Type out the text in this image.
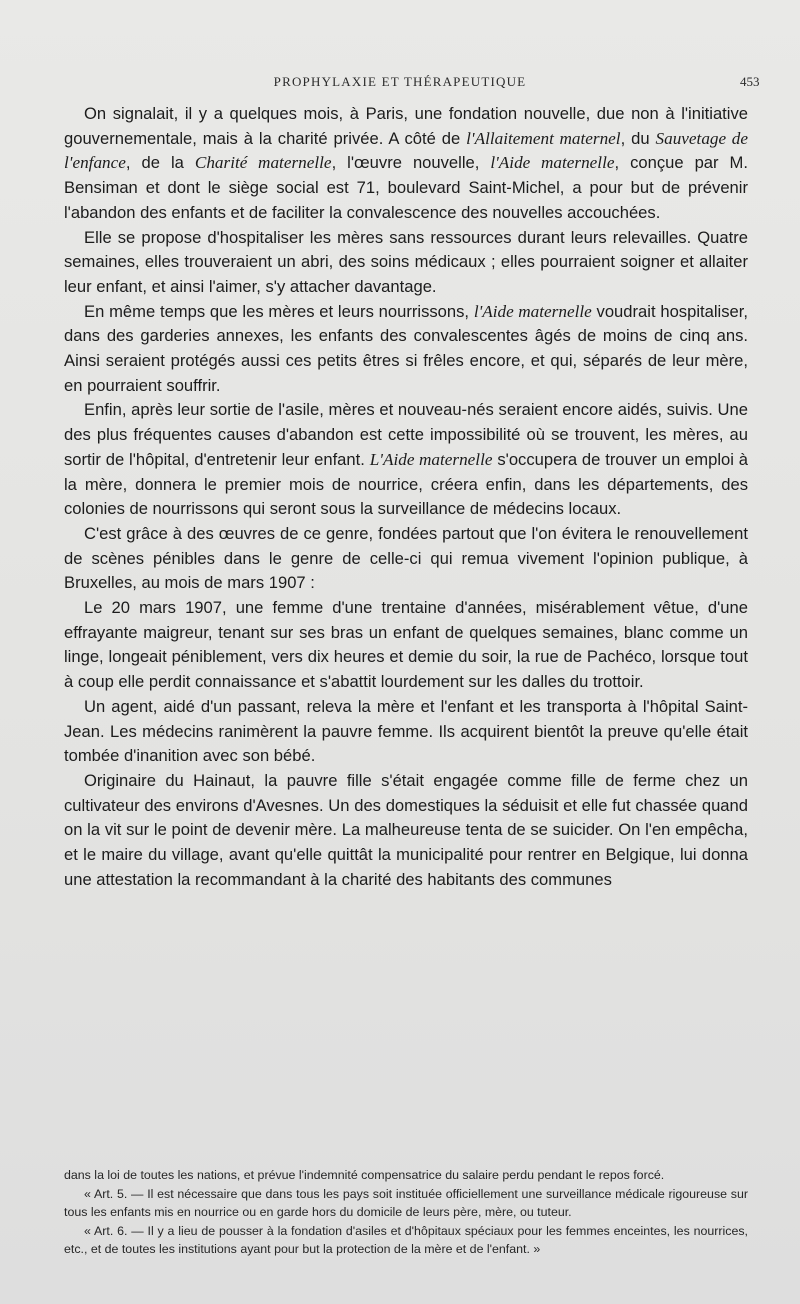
PROPHYLAXIE ET THÉRAPEUTIQUE	453

On signalait, il y a quelques mois, à Paris, une fondation nouvelle, due non à l'initiative gouvernementale, mais à la charité privée. A côté de l'Allaitement maternel, du Sauvetage de l'enfance, de la Charité maternelle, l'œuvre nouvelle, l'Aide maternelle, conçue par M. Bensiman et dont le siège social est 71, boulevard Saint-Michel, a pour but de prévenir l'abandon des enfants et de faciliter la convalescence des nouvelles accouchées.

Elle se propose d'hospitaliser les mères sans ressources durant leurs relevailles. Quatre semaines, elles trouveraient un abri, des soins médicaux ; elles pourraient soigner et allaiter leur enfant, et ainsi l'aimer, s'y attacher davantage.

En même temps que les mères et leurs nourrissons, l'Aide maternelle voudrait hospitaliser, dans des garderies annexes, les enfants des convalescentes âgés de moins de cinq ans. Ainsi seraient protégés aussi ces petits êtres si frêles encore, et qui, séparés de leur mère, en pourraient souffrir.

Enfin, après leur sortie de l'asile, mères et nouveau-nés seraient encore aidés, suivis. Une des plus fréquentes causes d'abandon est cette impossibilité où se trouvent, les mères, au sortir de l'hôpital, d'entretenir leur enfant. L'Aide maternelle s'occupera de trouver un emploi à la mère, donnera le premier mois de nourrice, créera enfin, dans les départements, des colonies de nourrissons qui seront sous la surveillance de médecins locaux.

C'est grâce à des œuvres de ce genre, fondées partout que l'on évitera le renouvellement de scènes pénibles dans le genre de celle-ci qui remua vivement l'opinion publique, à Bruxelles, au mois de mars 1907 :

Le 20 mars 1907, une femme d'une trentaine d'années, misérablement vêtue, d'une effrayante maigreur, tenant sur ses bras un enfant de quelques semaines, blanc comme un linge, longeait péniblement, vers dix heures et demie du soir, la rue de Pachéco, lorsque tout à coup elle perdit connaissance et s'abattit lourdement sur les dalles du trottoir.

Un agent, aidé d'un passant, releva la mère et l'enfant et les transporta à l'hôpital Saint-Jean. Les médecins ranimèrent la pauvre femme. Ils acquirent bientôt la preuve qu'elle était tombée d'inanition avec son bébé.

Originaire du Hainaut, la pauvre fille s'était engagée comme fille de ferme chez un cultivateur des environs d'Avesnes. Un des domestiques la séduisit et elle fut chassée quand on la vit sur le point de devenir mère. La malheureuse tenta de se suicider. On l'en empêcha, et le maire du village, avant qu'elle quittât la municipalité pour rentrer en Belgique, lui donna une attestation la recommandant à la charité des habitants des communes

dans la loi de toutes les nations, et prévue l'indemnité compensatrice du salaire perdu pendant le repos forcé.

« Art. 5. — Il est nécessaire que dans tous les pays soit instituée officiellement une surveillance médicale rigoureuse sur tous les enfants mis en nourrice ou en garde hors du domicile de leurs père, mère, ou tuteur.

« Art. 6. — Il y a lieu de pousser à la fondation d'asiles et d'hôpitaux spéciaux pour les femmes enceintes, les nourrices, etc., et de toutes les institutions ayant pour but la protection de la mère et de l'enfant. »
